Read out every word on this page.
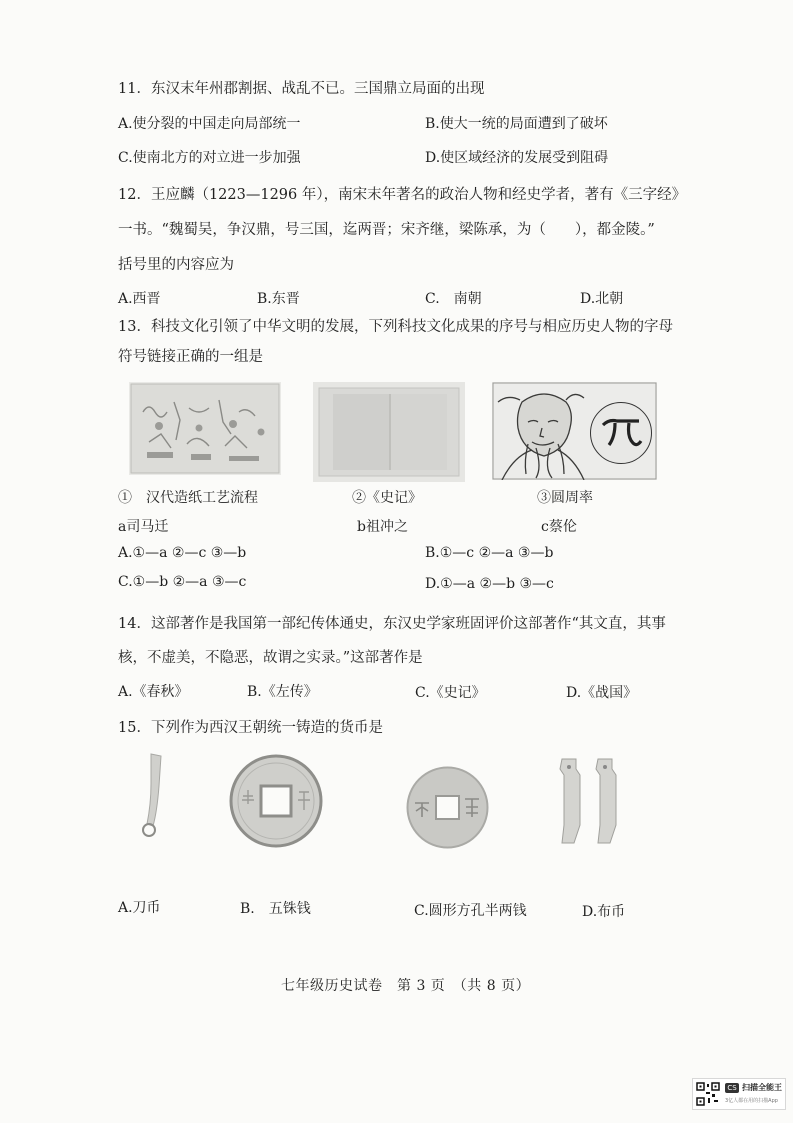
11．东汉末年州郡割据、战乱不已。三国鼎立局面的出现
A.使分裂的中国走向局部统一	B.使大一统的局面遭到了破坏
C.使南北方的对立进一步加强	D.使区域经济的发展受到阻碍
12．王应麟（1223—1296 年），南宋末年著名的政治人物和经史学者，著有《三字经》
一书。“魏蜀吴，争汉鼎，号三国，迄两晋；宋齐继，梁陈承，为（　　），都金陵。”
括号里的内容应为
A.西晋	B.东晋	C.　南朝	D.北朝
13．科技文化引领了中华文明的发展，下列科技文化成果的序号与相应历史人物的字母
符号链接正确的一组是
①　汉代造纸工艺流程	②《史记》	③圆周率
a司马迁	b祖冲之	c蔡伦
A.①—a ②—c ③—b	B.①—c ②—a ③—b
C.①—b ②—a ③—c	D.①—a ②—b ③—c
14．这部著作是我国第一部纪传体通史，东汉史学家班固评价这部著作“其文直，其事
核，不虚美，不隐恶，故谓之实录。”这部著作是
A.《春秋》	B.《左传》	C.《史记》	D.《战国》
15．下列作为西汉王朝统一铸造的货币是
A.刀币	B.　五铢钱	C.圆形方孔半两钱	D.布币
七年级历史试卷　第 3 页　（共 8 页）
CS 扫描全能王
3亿人都在用的扫描App
